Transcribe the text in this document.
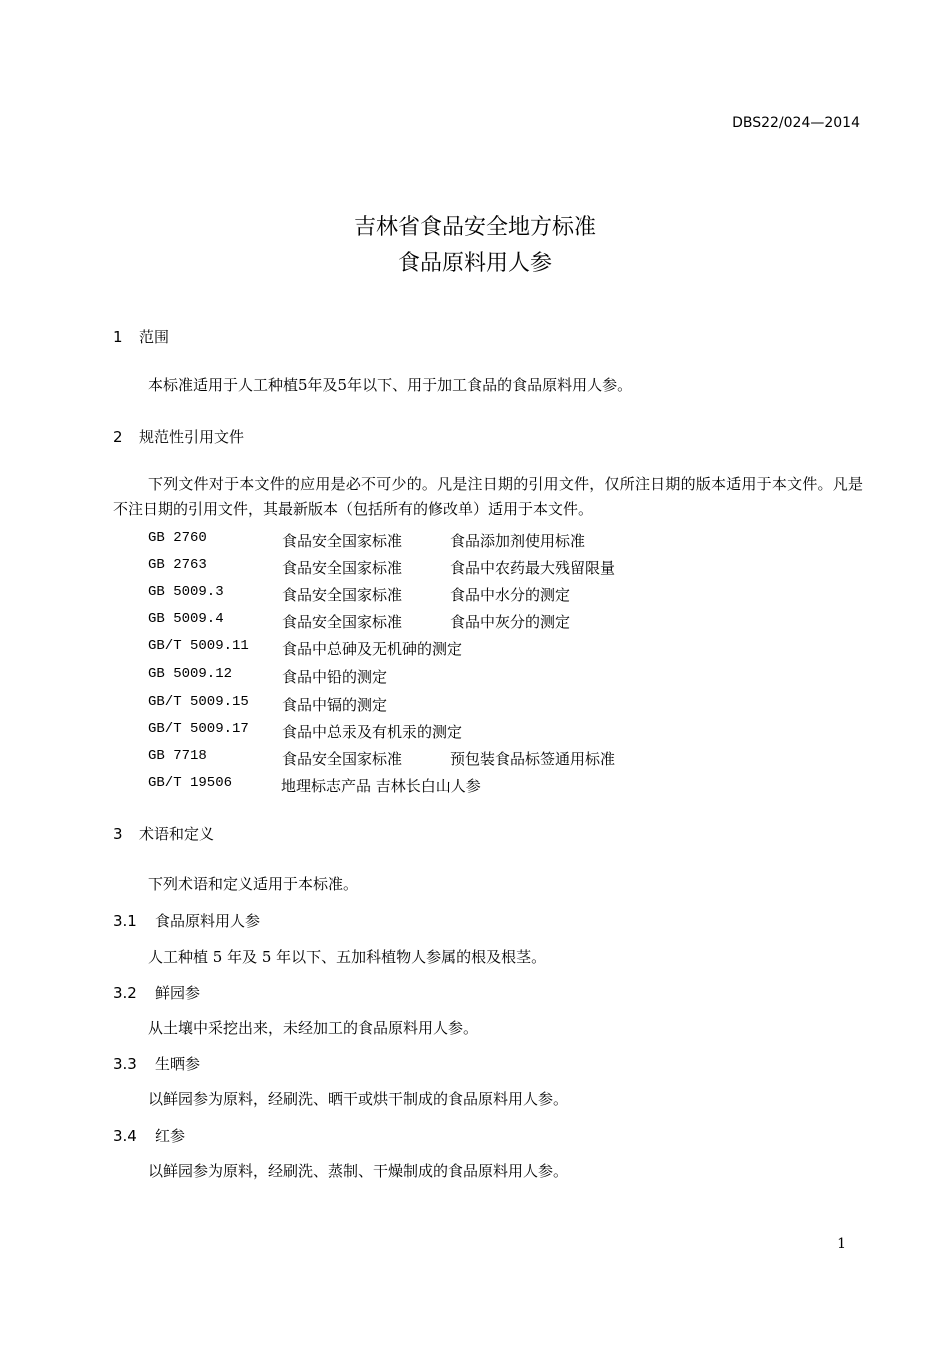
DBS22/024—2014
吉林省食品安全地方标准
食品原料用人参
1 范围
本标准适用于人工种植5年及5年以下、用于加工食品的食品原料用人参。
2 规范性引用文件
下列文件对于本文件的应用是必不可少的。凡是注日期的引用文件，仅所注日期的版本适用于本文件。凡是不注日期的引用文件，其最新版本（包括所有的修改单）适用于本文件。
GB 2760	食品安全国家标准	食品添加剂使用标准
GB 2763	食品安全国家标准	食品中农药最大残留限量
GB 5009.3	食品安全国家标准	食品中水分的测定
GB 5009.4	食品安全国家标准	食品中灰分的测定
GB/T 5009.11 食品中总砷及无机砷的测定
GB 5009.12	食品中铅的测定
GB/T 5009.15 食品中镉的测定
GB/T 5009.17 食品中总汞及有机汞的测定
GB 7718	食品安全国家标准	预包装食品标签通用标准
GB/T 19506	地理标志产品 吉林长白山人参
3 术语和定义
下列术语和定义适用于本标准。
3.1 食品原料用人参
人工种植 5 年及 5 年以下、五加科植物人参属的根及根茎。
3.2 鲜园参
从土壤中采挖出来，未经加工的食品原料用人参。
3.3 生晒参
以鲜园参为原料，经刷洗、晒干或烘干制成的食品原料用人参。
3.4 红参
以鲜园参为原料，经刷洗、蒸制、干燥制成的食品原料用人参。
1
